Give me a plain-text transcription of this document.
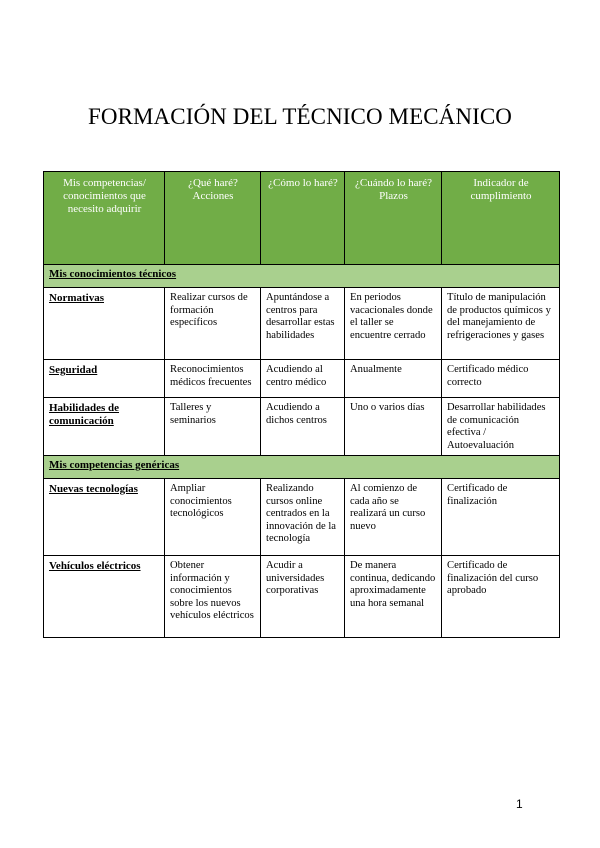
FORMACIÓN DEL TÉCNICO MECÁNICO
Mis competencias/ conocimientos que necesito adquirir	¿Qué haré? Acciones	¿Cómo lo haré?	¿Cuándo lo haré? Plazos	Indicador de cumplimiento
Mis conocimientos técnicos				
Normativas	Realizar cursos de formación específicos	Apuntándose a centros para desarrollar estas habilidades	En periodos vacacionales donde el taller se encuentre cerrado	Título de manipulación de productos químicos y del manejamiento de refrigeraciones y gases
Seguridad	Reconocimientos médicos frecuentes	Acudiendo al centro médico	Anualmente	Certificado médico correcto
Habilidades de comunicación	Talleres y seminarios	Acudiendo a dichos centros	Uno o varios días	Desarrollar habilidades de comunicación efectiva / Autoevaluación
Mis competencias genéricas				
Nuevas tecnologías	Ampliar conocimientos tecnológicos	Realizando cursos online centrados en la innovación de la tecnología	Al comienzo de cada año se realizará un curso nuevo	Certificado de finalización
Vehículos eléctricos	Obtener información y conocimientos sobre los nuevos vehículos eléctricos	Acudir a universidades corporativas	De manera continua, dedicando aproximadamente una hora semanal	Certificado de finalización del curso aprobado
1
